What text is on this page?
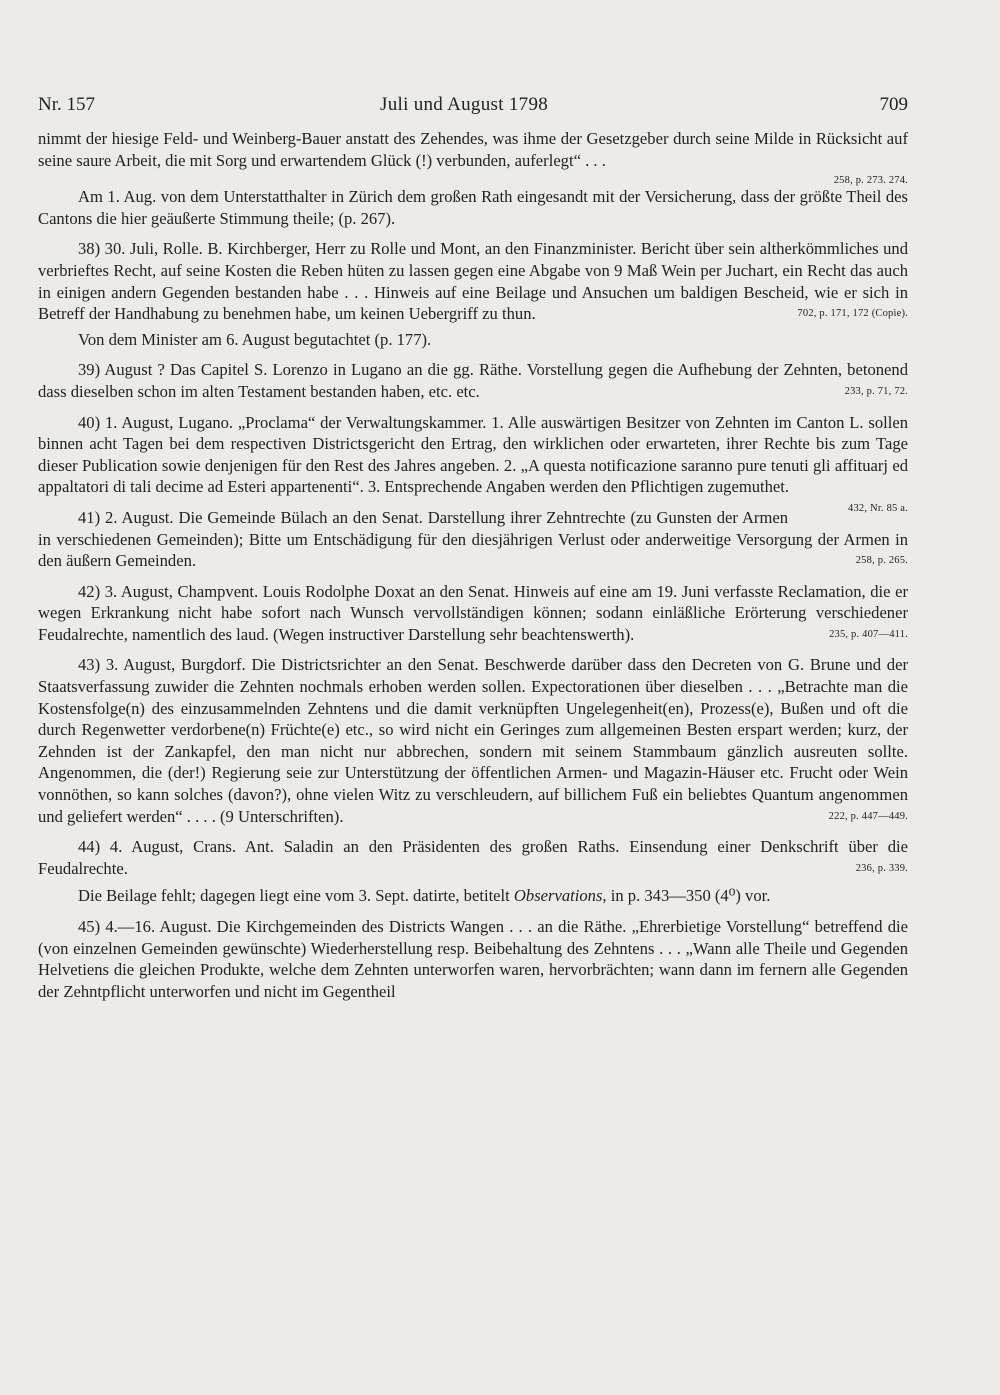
Nr. 157	Juli und August 1798	709

nimmt der hiesige Feld- und Weinberg-Bauer anstatt des Zehendes, was ihme der Gesetzgeber durch seine Milde in Rücksicht auf seine saure Arbeit, die mit Sorg und erwartendem Glück (!) verbunden, auferlegt“ . . .

258, p. 273. 274.

Am 1. Aug. von dem Unterstatthalter in Zürich dem großen Rath eingesandt mit der Versicherung, dass der größte Theil des Cantons die hier geäußerte Stimmung theile; (p. 267).

38) 30. Juli, Rolle. B. Kirchberger, Herr zu Rolle und Mont, an den Finanzminister. Bericht über sein altherkömmliches und verbrieftes Recht, auf seine Kosten die Reben hüten zu lassen gegen eine Abgabe von 9 Maß Wein per Juchart, ein Recht das auch in einigen andern Gegenden bestanden habe . . . Hinweis auf eine Beilage und Ansuchen um baldigen Bescheid, wie er sich in Betreff der Handhabung zu benehmen habe, um keinen Uebergriff zu thun.	702, p. 171, 172 (Copie).

Von dem Minister am 6. August begutachtet (p. 177).

39) August ? Das Capitel S. Lorenzo in Lugano an die gg. Räthe. Vorstellung gegen die Aufhebung der Zehnten, betonend dass dieselben schon im alten Testament bestanden haben, etc. etc.	233, p. 71, 72.

40) 1. August, Lugano. „Proclama“ der Verwaltungskammer. 1. Alle auswärtigen Besitzer von Zehnten im Canton L. sollen binnen acht Tagen bei dem respectiven Districtsgericht den Ertrag, den wirklichen oder erwarteten, ihrer Rechte bis zum Tage dieser Publication sowie denjenigen für den Rest des Jahres angeben. 2. „A questa notificazione saranno pure tenuti gli affituarj ed appaltatori di tali decime ad Esteri appartenenti“. 3. Entsprechende Angaben werden den Pflichtigen zugemuthet.
432, Nr. 85 a.

41) 2. August. Die Gemeinde Bülach an den Senat. Darstellung ihrer Zehntrechte (zu Gunsten der Armen in verschiedenen Gemeinden); Bitte um Entschädigung für den diesjährigen Verlust oder anderweitige Versorgung der Armen in den äußern Gemeinden.	258, p. 265.

42) 3. August, Champvent. Louis Rodolphe Doxat an den Senat. Hinweis auf eine am 19. Juni verfasste Reclamation, die er wegen Erkrankung nicht habe sofort nach Wunsch vervollständigen können; sodann einläßliche Erörterung verschiedener Feudalrechte, namentlich des laud. (Wegen instructiver Darstellung sehr beachtenswerth).	235, p. 407—411.

43) 3. August, Burgdorf. Die Districtsrichter an den Senat. Beschwerde darüber dass den Decreten von G. Brune und der Staatsverfassung zuwider die Zehnten nochmals erhoben werden sollen. Expectorationen über dieselben . . . „Betrachte man die Kostensfolge(n) des einzusammelnden Zehntens und die damit verknüpften Ungelegenheit(en), Prozess(e), Bußen und oft die durch Regenwetter verdorbene(n) Früchte(e) etc., so wird nicht ein Geringes zum allgemeinen Besten erspart werden; kurz, der Zehnden ist der Zankapfel, den man nicht nur abbrechen, sondern mit seinem Stammbaum gänzlich ausreuten sollte. Angenommen, die (der!) Regierung seie zur Unterstützung der öffentlichen Armen- und Magazin-Häuser etc. Frucht oder Wein vonnöthen, so kann solches (davon?), ohne vielen Witz zu verschleudern, auf billichem Fuß ein beliebtes Quantum angenommen und geliefert werden“ . . . . (9 Unterschriften).	222, p. 447—449.

44) 4. August, Crans. Ant. Saladin an den Präsidenten des großen Raths. Einsendung einer Denkschrift über die Feudalrechte.	236, p. 339.

Die Beilage fehlt; dagegen liegt eine vom 3. Sept. datirte, betitelt Observations, in p. 343—350 (4⁰) vor.

45) 4.—16. August. Die Kirchgemeinden des Districts Wangen . . . an die Räthe. „Ehrerbietige Vorstellung“ betreffend die (von einzelnen Gemeinden gewünschte) Wiederherstellung resp. Beibehaltung des Zehntens . . . „Wann alle Theile und Gegenden Helvetiens die gleichen Produkte, welche dem Zehnten unterworfen waren, hervorbrächten; wann dann im fernern alle Gegenden der Zehntpflicht unterworfen und nicht im Gegentheil
